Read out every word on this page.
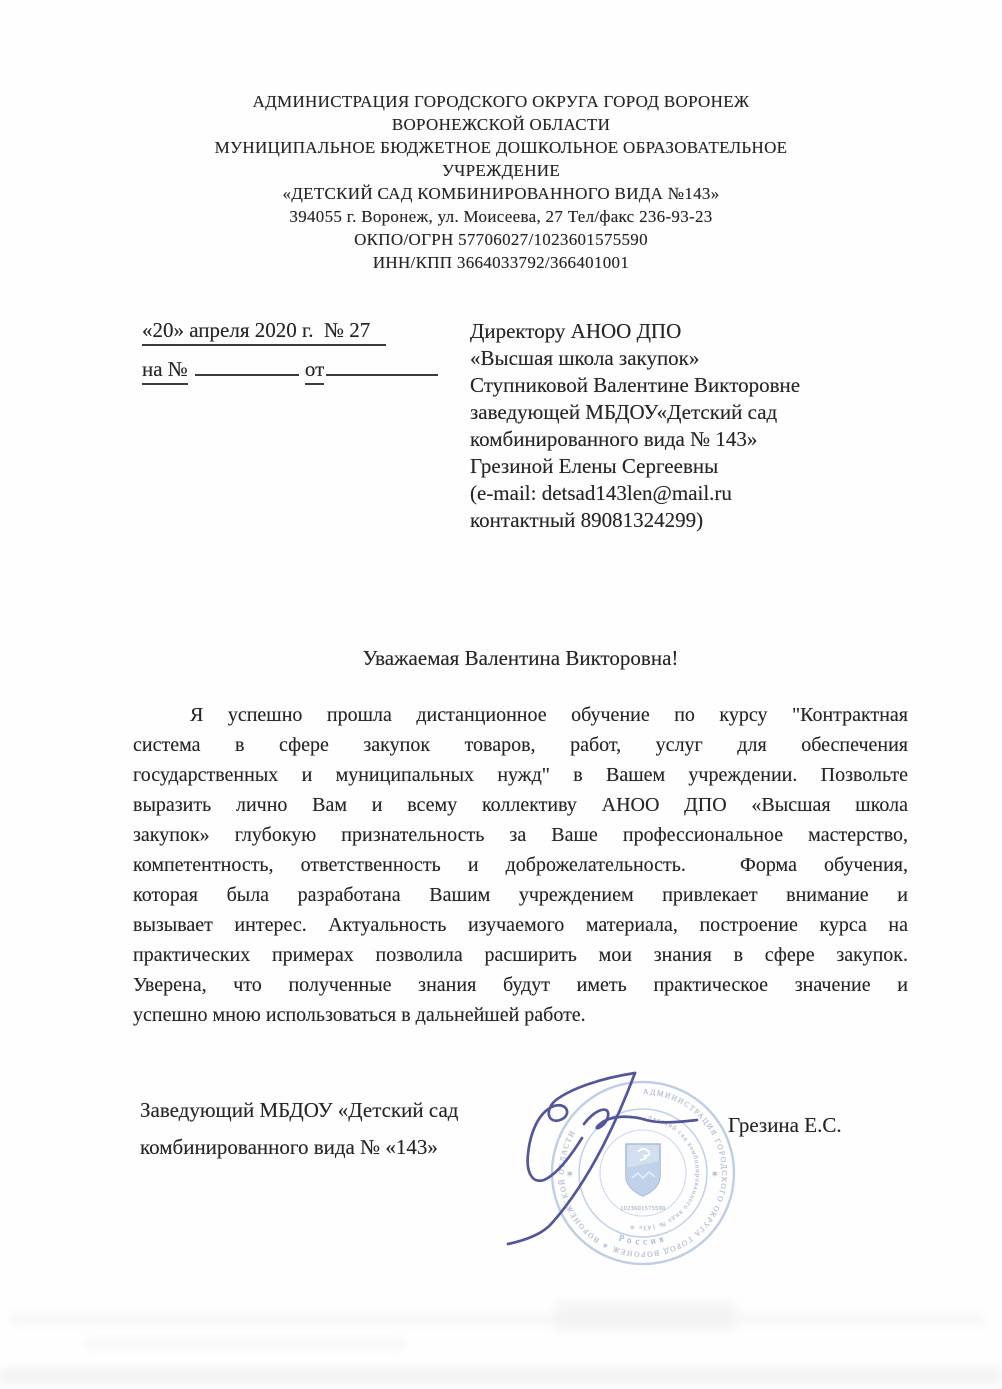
АДМИНИСТРАЦИЯ ГОРОДСКОГО ОКРУГА ГОРОД ВОРОНЕЖ
ВОРОНЕЖСКОЙ ОБЛАСТИ
МУНИЦИПАЛЬНОЕ БЮДЖЕТНОЕ ДОШКОЛЬНОЕ ОБРАЗОВАТЕЛЬНОЕ
УЧРЕЖДЕНИЕ
«ДЕТСКИЙ САД КОМБИНИРОВАННОГО ВИДА №143»
394055 г. Воронеж, ул. Моисеева, 27 Тел/факс 236-93-23
ОКПО/ОГРН 57706027/1023601575590
ИНН/КПП 3664033792/366401001
«20» апреля 2020 г.  № 27
на №	от
Директору АНОО ДПО
«Высшая школа закупок»
Ступниковой Валентине Викторовне
заведующей МБДОУ«Детский сад
комбинированного вида № 143»
Грезиной Елены Сергеевны
(e-mail: detsad143len@mail.ru
контактный 89081324299)
Уважаемая Валентина Викторовна!
Я успешно прошла дистанционное обучение по курсу "Контрактная
система в сфере закупок товаров, работ, услуг для обеспечения
государственных и муниципальных нужд" в Вашем учреждении. Позвольте
выразить лично Вам и всему коллективу АНОО ДПО «Высшая школа
закупок» глубокую признательность за Ваше профессиональное мастерство,
компетентность, ответственность и доброжелательность.  Форма обучения,
которая была разработана Вашим учреждением привлекает внимание и
вызывает интерес. Актуальность изучаемого материала, построение курса на
практических примерах позволила расширить мои знания в сфере закупок.
Уверена, что полученные знания будут иметь практическое значение и
успешно мною использоваться в дальнейшей работе.
Заведующий МБДОУ «Детский сад
комбинированного вида № «143»
Грезина Е.С.
АДМИНИСТРАЦИЯ ГОРОДСКОГО ОКРУГА ГОРОД ВОРОНЕЖ ✶ ВОРОНЕЖСКОЙ ОБЛАСТИ
«Детский сад комбинированного вида № 143» ✶
✶	✶
1023601575590
Россия
